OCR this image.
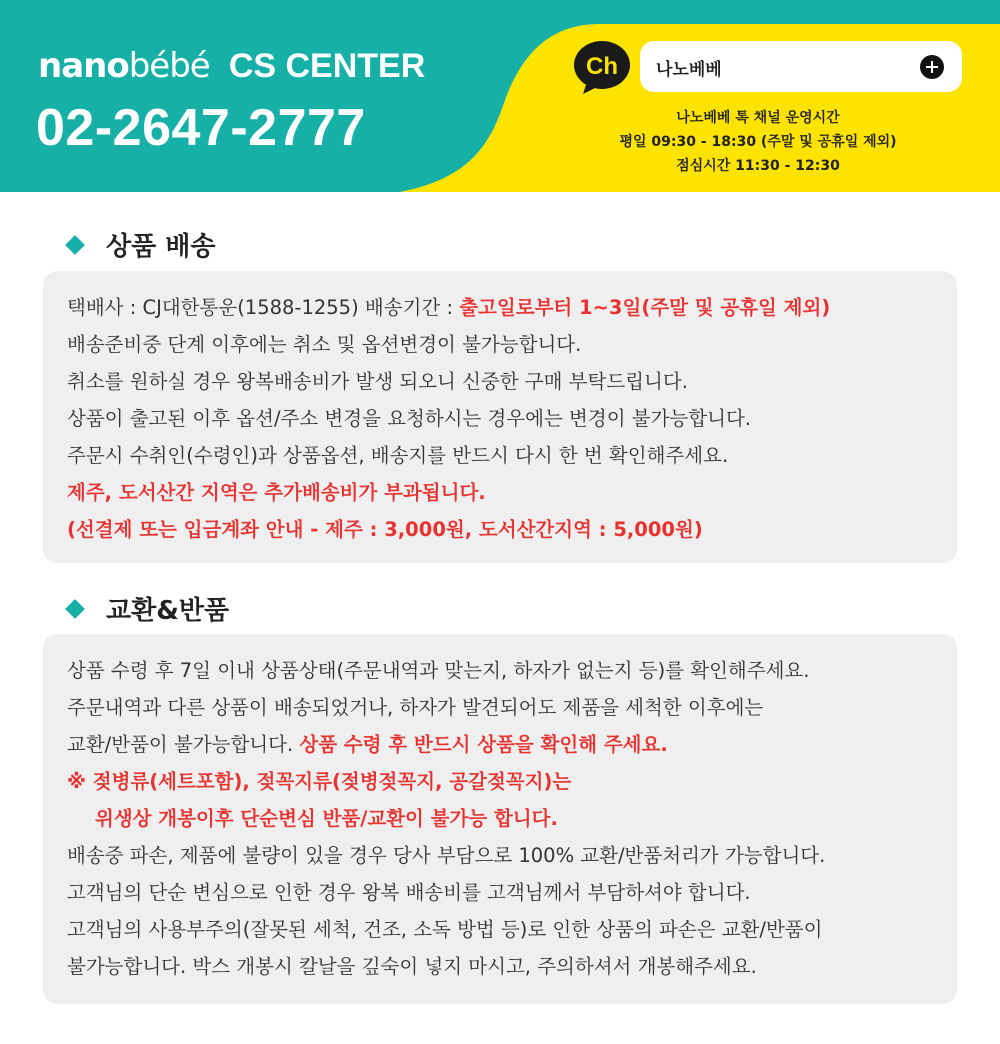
nanobébé CS CENTER
02-2647-2777
Ch 나노베베
나노베베 톡 채널 운영시간
평일 09:30 - 18:30 (주말 및 공휴일 제외)
점심시간 11:30 - 12:30
상품 배송
택배사 : CJ대한통운(1588-1255) 배송기간 : 출고일로부터 1~3일(주말 및 공휴일 제외)
배송준비중 단계 이후에는 취소 및 옵션변경이 불가능합니다.
취소를 원하실 경우 왕복배송비가 발생 되오니 신중한 구매 부탁드립니다.
상품이 출고된 이후 옵션/주소 변경을 요청하시는 경우에는 변경이 불가능합니다.
주문시 수취인(수령인)과 상품옵션, 배송지를 반드시 다시 한 번 확인해주세요.
제주, 도서산간 지역은 추가배송비가 부과됩니다.
(선결제 또는 입금계좌 안내 - 제주 : 3,000원, 도서산간지역 : 5,000원)
교환&반품
상품 수령 후 7일 이내 상품상태(주문내역과 맞는지, 하자가 없는지 등)를 확인해주세요.
주문내역과 다른 상품이 배송되었거나, 하자가 발견되어도 제품을 세척한 이후에는
교환/반품이 불가능합니다. 상품 수령 후 반드시 상품을 확인해 주세요.
※ 젖병류(세트포함), 젖꼭지류(젖병젖꼭지, 공갈젖꼭지)는
위생상 개봉이후 단순변심 반품/교환이 불가능 합니다.
배송중 파손, 제품에 불량이 있을 경우 당사 부담으로 100% 교환/반품처리가 가능합니다.
고객님의 단순 변심으로 인한 경우 왕복 배송비를 고객님께서 부담하셔야 합니다.
고객님의 사용부주의(잘못된 세척, 건조, 소독 방법 등)로 인한 상품의 파손은 교환/반품이
불가능합니다. 박스 개봉시 칼날을 깊숙이 넣지 마시고, 주의하셔서 개봉해주세요.
